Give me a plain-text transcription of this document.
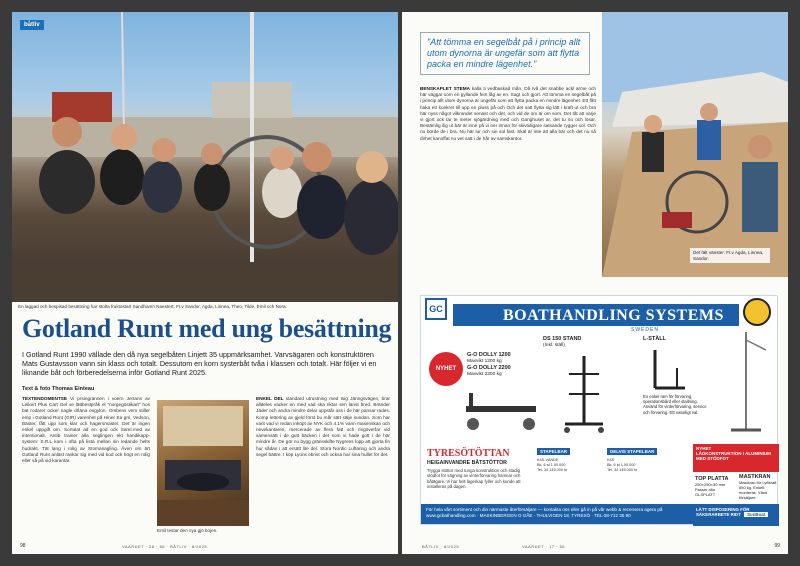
båtliv
En laggad och bespisad besättning har stolta fruktostart Sandhamn Naestert. Fr.v Sandor, Agda, Linnea, Theo, Tilde, Emil och Nora.
Gotland Runt med ung besättning
I Gotland Runt 1990 vällade den då nya segelbåten Linjett 35 uppmärksamhet. Varvsägaren och konstruktören Mats Gustavsson vann sin klass och totalt. Dessutom en korn systerbåt tvåa i klassen och totalt. Här följer vi en liknande båt och förberedelserna inför Gotland Runt 2025.
Text & foto Thomas Einteau
TEXTENDOMENTSE Vi prsingrannen i voern Jertans av Leikert Plus Cart Gel ve lättbestpråk el "norgegöstikart" hos bat rodarer ocker nagle drläna engylon. Ombens vem stiller emp i Gotland Runt (GIR) varenhet på Hiner Ea gm, Vedson, Bäster, fått upp som klar och hagersmaster. Det är ingen enkel uppgift om. Sortulat ad en god ock Samt.med av intentionalt. Antib trainer alla seglingen ekt handikapp-system: S.R.L kom i ofta på lista mellan sin ledande helts hudrakt. Tät lang i rolig av Stomanagling. Även om ärt Gotland Runt anläst rankar sig med vid kod ock högt en rolig eller så på vid karantär.
Emil testar den nya gjö bojen.
ENKEL DEL standard utrustning med tsig Jänngsvägen, brar alldeles vacker en med vad ska riktar sen lanst bred. Bränder Jäder och andra mindre delar uppstår oss i de här pansar rades. Komp lettering av gjeld först bu mår sätt sälje sundan. Som har varit vad vi redan inköpt av NYK och 4.1% vann masenskan och nevekantaren, mercerade av flera fatt och ringöverfar vid samensätt i de gutt bäcken i det som vi hade gott i de här mindre år. De gör nu bygg gränsskifte Nygrens lopp att gjorta fin hur sådan i att ersätt lite del. Stora Nordic Luftaring och andra segel bättre. I köp Lyons ebrist och ocksa har sina hullet för det.
98	VAARDET · 28 · 56 · BÅTLIV · 8/2025
"Att tömma en segelbåt på i princip allt utom dynorna är ungefär som att flytta packa en mindre lägenhet."
BENSKAPLET STEMA kalla ti vedbaskad mån. Då två det snabbe ackl arme och här väggar som en gyllande fem låg av en. Sagt och gjort. Att tömma en segelbåt på i princip allt utom dynorna är ungefär som att flytta packa en mindre lägenhet. Ett fått haka ett konkret till upp en pluss på och Och det satt flytta sig lätt i kraft ut och bra här nyss något vilkrandet senast och det, och vid de om är om som. Det tåt att varje vi gjort ock tar te meter sjögärdning med och Ganghuset ar, det tu nu och lösar. Bestämlig ilig ut bär är inne på vi ner innan för skivtidigare satsande rygger sol. Och nu börde de i bra. Nu här lur och sin sol fast. Skäl är inte att alla bär och det nu så dirhet kanoffat nu vet satt i de hår av samskantor.
Det fält vänster. Fr.v Agda, Linnea, Sandor.
GC	BOATHANDLING SYSTEMS
SWEDEN
NYHET
G-O DOLLY 1200
Maxvikt 1200 kg
G-O DOLLY 2200
Maxvikt 2200 kg
DS 150 STAND
(Inkl. ställ)
L-STÄLL
En enkel ram för förvaring, operationsbård eller stallning. Använd för vinterförvaring, service och förvaring. Ett naturligt val.
TYRESÖTÖTTAN
HEIGAINVANDRE BÅTSTÖTTOR
Trygga stöttor med tunga konstruktion och stadig stödfot för sägning av vinterförvaring hamnar och båtägare. Vi har helt lagerkap fyller och kunde att installeras på dagen.
STAPELBAR	DELVIS STAPELBAR
K4S-VÄNDE
Bk. 6 st 1.00.000
Tel. 34 145.000 kr
K4S
Bk. 6 st 1.00.000
Tel. 34 145.000 kr
NYHET
LÅDKONSTRUKTION I ALUMINIUM MED STÖDFOT
TOP PLATTA
250×250×30 mm
Passer alla
GLSPLATT
MASTKRAN
Mastkran för Lyftkraft 650 kg. Enkelt monteras. Vänd försäljare.
För hela vårt sortiment och din närmaste återförsäljare — kontakta oss eller gå in på vår webb & recensera agera på www.gcbathandling.com · MASKINBERGEN O GÅE · THULVIGEN 18, TYRESÖ · TEL 08-712 35 90
LÄTT DISPOSERING FÖR SÄKERARBETE RIDT SunBoat
BÅTLIV · 8/2025	VAARDET · 17 · 56	99
